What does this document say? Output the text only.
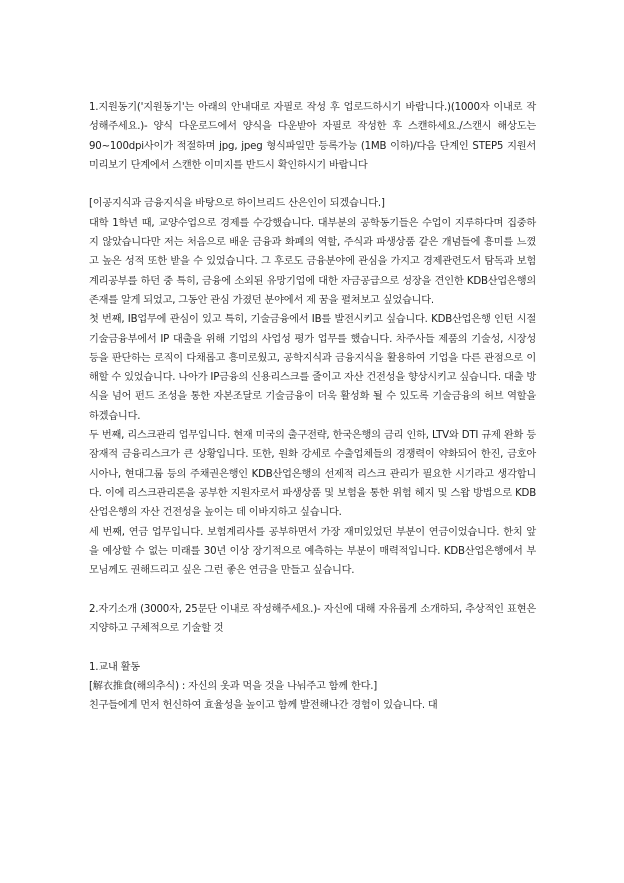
1.지원동기('지원동기'는 아래의 안내대로 자필로 작성 후 업로드하시기 바랍니다.)(1000자 이내로 작성해주세요.)- 양식 다운로드에서 양식을 다운받아 자필로 작성한 후 스캔하세요./스캔시 해상도는 90~100dpi사이가 적절하며 jpg, jpeg 형식파일만 등록가능 (1MB 이하)/다음 단계인 STEP5 지원서 미리보기 단계에서 스캔한 이미지를 반드시 확인하시기 바랍니다

[이공지식과 금융지식을 바탕으로 하이브리드 산은인이 되겠습니다.]

대학 1학년 때, 교양수업으로 경제를 수강했습니다. 대부분의 공학동기들은 수업이 지루하다며 집중하지 않았습니다만 저는 처음으로 배운 금융과 화폐의 역할, 주식과 파생상품 같은 개념들에 흥미를 느꼈고 높은 성적 또한 받을 수 있었습니다. 그 후로도 금융분야에 관심을 가지고 경제관련도서 탐독과 보험계리공부를 하던 중 특히, 금융에 소외된 유망기업에 대한 자금공급으로 성장을 견인한 KDB산업은행의 존재를 알게 되었고, 그동안 관심 가졌던 분야에서 제 꿈을 펼쳐보고 싶었습니다.

첫 번째, IB업무에 관심이 있고 특히, 기술금융에서 IB를 발전시키고 싶습니다. KDB산업은행 인턴 시절 기술금융부에서 IP 대출을 위해 기업의 사업성 평가 업무를 했습니다. 차주사들 제품의 기술성, 시장성 등을 판단하는 로직이 다채롭고 흥미로웠고, 공학지식과 금융지식을 활용하여 기업을 다른 관점으로 이해할 수 있었습니다. 나아가 IP금융의 신용리스크를 줄이고 자산 건전성을 향상시키고 싶습니다. 대출 방식을 넘어 펀드 조성을 통한 자본조달로 기술금융이 더욱 활성화 될 수 있도록 기술금융의 허브 역할을 하겠습니다.

두 번째, 리스크관리 업무입니다. 현재 미국의 출구전략, 한국은행의 금리 인하, LTV와 DTI 규제 완화 등 잠재적 금융리스크가 큰 상황입니다. 또한, 원화 강세로 수출업체들의 경쟁력이 약화되어 한진, 금호아시아나, 현대그룹 등의 주채권은행인 KDB산업은행의 선제적 리스크 관리가 필요한 시기라고 생각합니다. 이에 리스크관리론을 공부한 지원자로서 파생상품 및 보험을 통한 위험 헤지 및 스왑 방법으로 KDB산업은행의 자산 건전성을 높이는 데 이바지하고 싶습니다.

세 번째, 연금 업무입니다. 보험계리사를 공부하면서 가장 재미있었던 부분이 연금이었습니다. 한치 앞을 예상할 수 없는 미래를 30년 이상 장기적으로 예측하는 부분이 매력적입니다. KDB산업은행에서 부모님께도 권해드리고 싶은 그런 좋은 연금을 만들고 싶습니다.

2.자기소개 (3000자, 25문단 이내로 작성해주세요.)- 자신에 대해 자유롭게 소개하되, 추상적인 표현은 지양하고 구체적으로 기술할 것

1.교내 활동

[解衣推食(해의추식) : 자신의 옷과 먹을 것을 나눠주고 함께 한다.]

친구들에게 먼저 헌신하여 효율성을 높이고 함께 발전해나간 경험이 있습니다. 대
